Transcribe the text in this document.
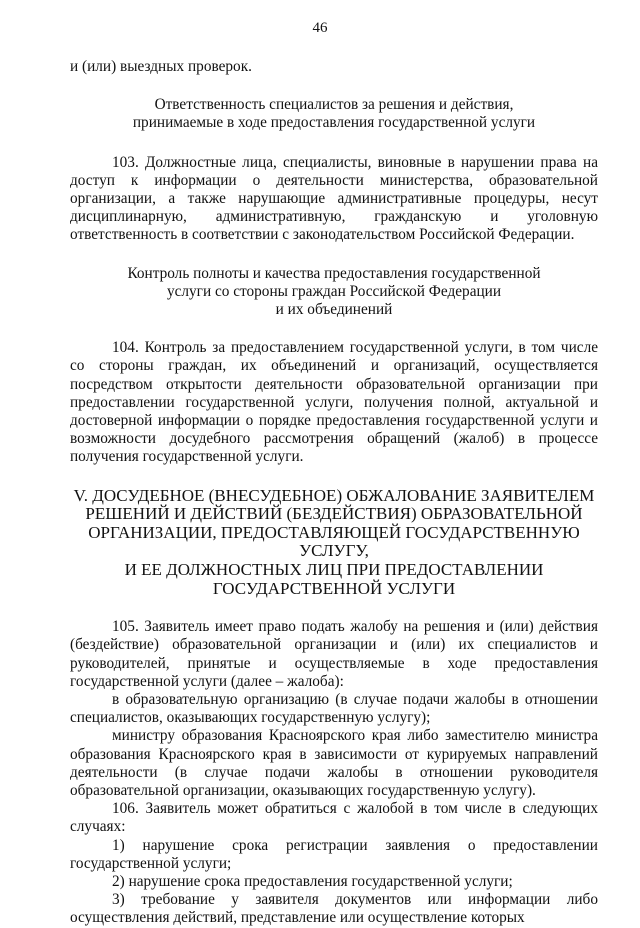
46

и (или) выездных проверок.

Ответственность специалистов за решения и действия,
принимаемые в ходе предоставления государственной услуги

103. Должностные лица, специалисты, виновные в нарушении права на доступ к информации о деятельности министерства, образовательной организации, а также нарушающие административные процедуры, несут дисциплинарную, административную, гражданскую и уголовную ответственность в соответствии с законодательством Российской Федерации.

Контроль полноты и качества предоставления государственной
услуги со стороны граждан Российской Федерации
и их объединений

104. Контроль за предоставлением государственной услуги, в том числе со стороны граждан, их объединений и организаций, осуществляется посредством открытости деятельности образовательной организации при предоставлении государственной услуги, получения полной, актуальной и достоверной информации о порядке предоставления государственной услуги и возможности досудебного рассмотрения обращений (жалоб) в процессе получения государственной услуги.

V. ДОСУДЕБНОЕ (ВНЕСУДЕБНОЕ) ОБЖАЛОВАНИЕ ЗАЯВИТЕЛЕМ
РЕШЕНИЙ И ДЕЙСТВИЙ (БЕЗДЕЙСТВИЯ) ОБРАЗОВАТЕЛЬНОЙ
ОРГАНИЗАЦИИ, ПРЕДОСТАВЛЯЮЩЕЙ ГОСУДАРСТВЕННУЮ УСЛУГУ,
И ЕЕ ДОЛЖНОСТНЫХ ЛИЦ ПРИ ПРЕДОСТАВЛЕНИИ
ГОСУДАРСТВЕННОЙ УСЛУГИ

105. Заявитель имеет право подать жалобу на решения и (или) действия (бездействие) образовательной организации и (или) их специалистов и руководителей, принятые и осуществляемые в ходе предоставления государственной услуги (далее – жалоба):

в образовательную организацию (в случае подачи жалобы в отношении специалистов, оказывающих государственную услугу);

министру образования Красноярского края либо заместителю министра образования Красноярского края в зависимости от курируемых направлений деятельности (в случае подачи жалобы в отношении руководителя образовательной организации, оказывающих государственную услугу).

106. Заявитель может обратиться с жалобой в том числе в следующих случаях:

1) нарушение срока регистрации заявления о предоставлении государственной услуги;

2) нарушение срока предоставления государственной услуги;

3) требование у заявителя документов или информации либо осуществления действий, представление или осуществление которых
